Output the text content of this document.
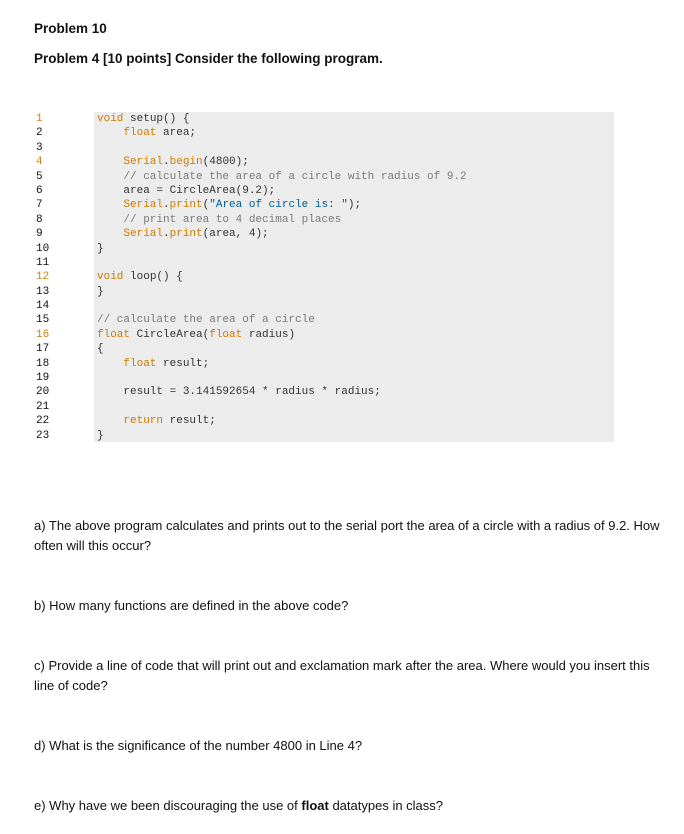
Problem 10
Problem 4 [10 points] Consider the following program.
1
2
3
4
5
6
7
8
9
10
11
12
13
14
15
16
17
18
19
20
21
22
23
void setup() {
float area;
Serial.begin(4800);
// calculate the area of a circle with radius of 9.2
area = CircleArea(9.2);
Serial.print("Area of circle is: ");
// print area to 4 decimal places
Serial.print(area, 4);
}
void loop() {
}
// calculate the area of a circle
float CircleArea(float radius)
{
float result;
result = 3.141592654 * radius * radius;
return result;
}
a) The above program calculates and prints out to the serial port the area of a circle with a radius of 9.2. How often will this occur?
b) How many functions are defined in the above code?
c) Provide a line of code that will print out and exclamation mark after the area. Where would you insert this line of code?
d) What is the significance of the number 4800 in Line 4?
e) Why have we been discouraging the use of float datatypes in class?
